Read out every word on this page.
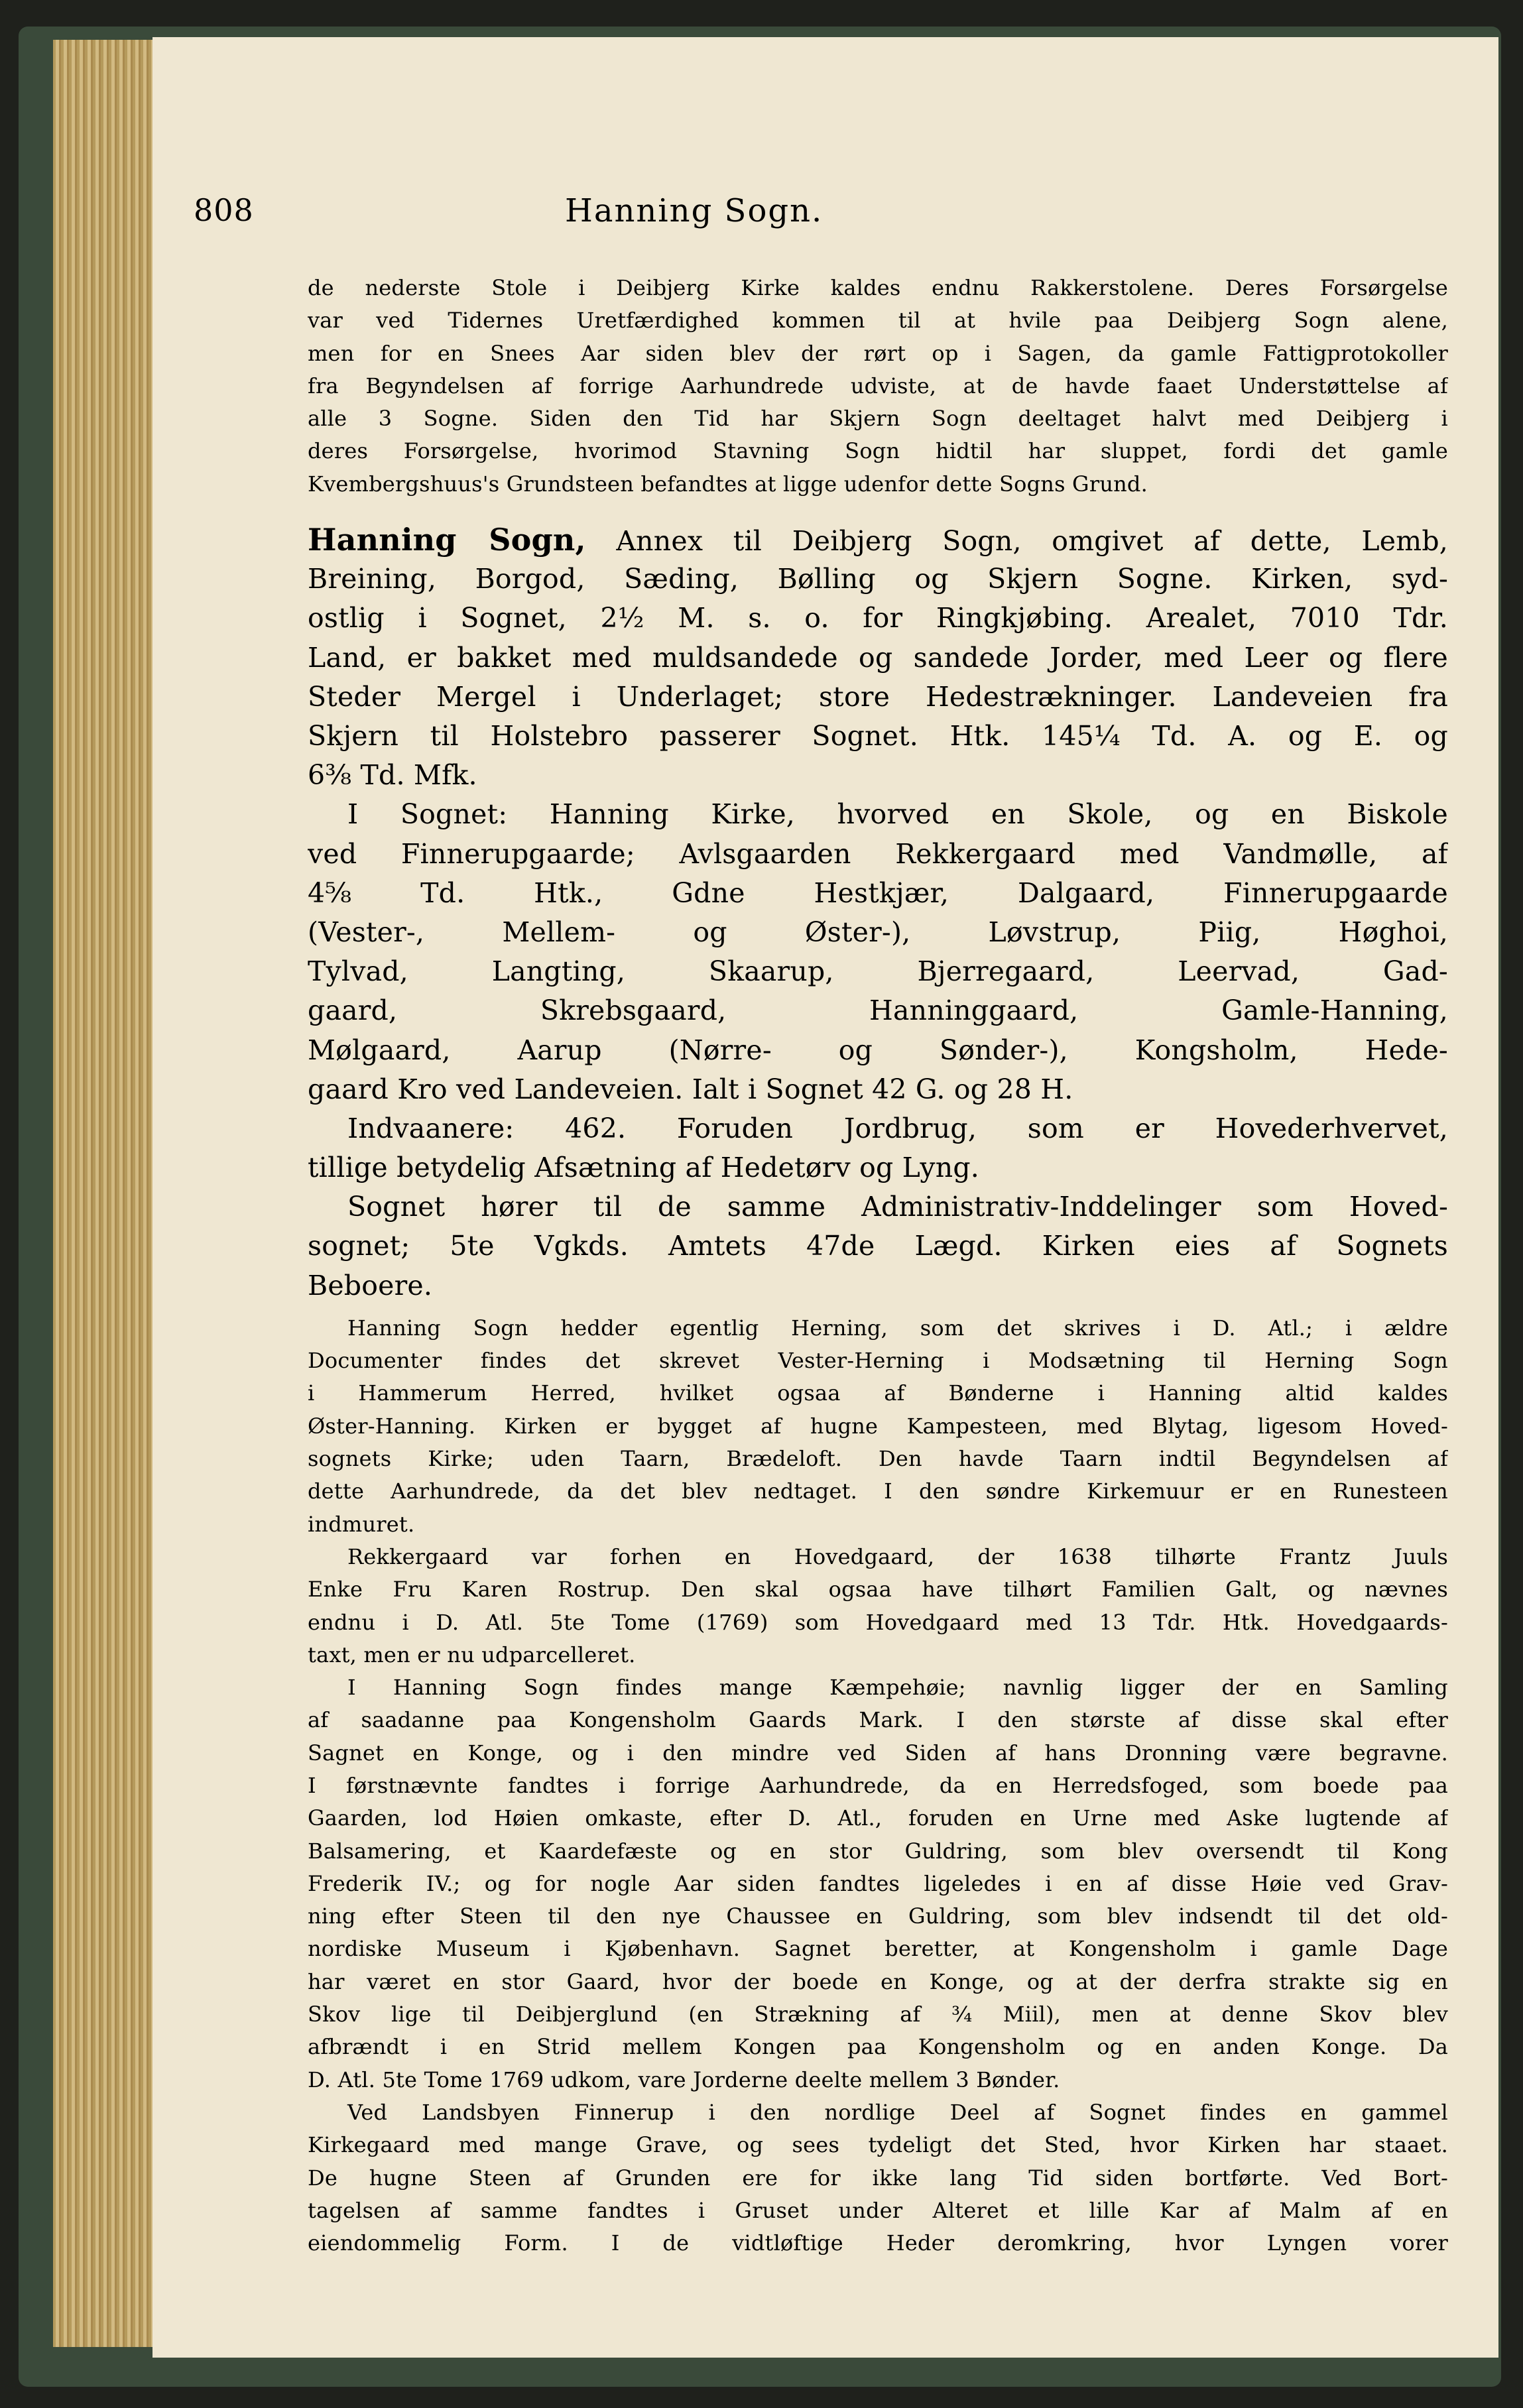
808	Hanning Sogn.
de nederste Stole i Deibjerg Kirke kaldes endnu Rakkerstolene. Deres Forsørgelse
var ved Tidernes Uretfærdighed kommen til at hvile paa Deibjerg Sogn alene,
men for en Snees Aar siden blev der rørt op i Sagen, da gamle Fattigprotokoller
fra Begyndelsen af forrige Aarhundrede udviste, at de havde faaet Understøttelse af
alle 3 Sogne. Siden den Tid har Skjern Sogn deeltaget halvt med Deibjerg i
deres Forsørgelse, hvorimod Stavning Sogn hidtil har sluppet, fordi det gamle
Kvembergshuus's Grundsteen befandtes at ligge udenfor dette Sogns Grund.
Hanning Sogn, Annex til Deibjerg Sogn, omgivet af dette, Lemb,
Breining, Borgod, Sæding, Bølling og Skjern Sogne. Kirken, syd-
ostlig i Sognet, 2½ M. s. o. for Ringkjøbing. Arealet, 7010 Tdr.
Land, er bakket med muldsandede og sandede Jorder, med Leer og flere
Steder Mergel i Underlaget; store Hedestrækninger. Landeveien fra
Skjern til Holstebro passerer Sognet. Htk. 145¼ Td. A. og E. og
6⅜ Td. Mfk.
I Sognet: Hanning Kirke, hvorved en Skole, og en Biskole
ved Finnerupgaarde; Avlsgaarden Rekkergaard med Vandmølle, af
4⅝ Td. Htk., Gdne Hestkjær, Dalgaard, Finnerupgaarde
(Vester-, Mellem- og Øster-), Løvstrup, Piig, Høghoi,
Tylvad, Langting, Skaarup, Bjerregaard, Leervad, Gad-
gaard, Skrebsgaard, Hanninggaard, Gamle-Hanning,
Mølgaard, Aarup (Nørre- og Sønder-), Kongsholm, Hede-
gaard Kro ved Landeveien. Ialt i Sognet 42 G. og 28 H.
Indvaanere: 462. Foruden Jordbrug, som er Hovederhvervet,
tillige betydelig Afsætning af Hedetørv og Lyng.
Sognet hører til de samme Administrativ-Inddelinger som Hoved-
sognet; 5te Vgkds. Amtets 47de Lægd. Kirken eies af Sognets
Beboere.
Hanning Sogn hedder egentlig Herning, som det skrives i D. Atl.; i ældre
Documenter findes det skrevet Vester-Herning i Modsætning til Herning Sogn
i Hammerum Herred, hvilket ogsaa af Bønderne i Hanning altid kaldes
Øster-Hanning. Kirken er bygget af hugne Kampesteen, med Blytag, ligesom Hoved-
sognets Kirke; uden Taarn, Brædeloft. Den havde Taarn indtil Begyndelsen af
dette Aarhundrede, da det blev nedtaget. I den søndre Kirkemuur er en Runesteen
indmuret.
Rekkergaard var forhen en Hovedgaard, der 1638 tilhørte Frantz Juuls
Enke Fru Karen Rostrup. Den skal ogsaa have tilhørt Familien Galt, og nævnes
endnu i D. Atl. 5te Tome (1769) som Hovedgaard med 13 Tdr. Htk. Hovedgaards-
taxt, men er nu udparcelleret.
I Hanning Sogn findes mange Kæmpehøie; navnlig ligger der en Samling
af saadanne paa Kongensholm Gaards Mark. I den største af disse skal efter
Sagnet en Konge, og i den mindre ved Siden af hans Dronning være begravne.
I førstnævnte fandtes i forrige Aarhundrede, da en Herredsfoged, som boede paa
Gaarden, lod Høien omkaste, efter D. Atl., foruden en Urne med Aske lugtende af
Balsamering, et Kaardefæste og en stor Guldring, som blev oversendt til Kong
Frederik IV.; og for nogle Aar siden fandtes ligeledes i en af disse Høie ved Grav-
ning efter Steen til den nye Chaussee en Guldring, som blev indsendt til det old-
nordiske Museum i Kjøbenhavn. Sagnet beretter, at Kongensholm i gamle Dage
har været en stor Gaard, hvor der boede en Konge, og at der derfra strakte sig en
Skov lige til Deibjerglund (en Strækning af ¾ Miil), men at denne Skov blev
afbrændt i en Strid mellem Kongen paa Kongensholm og en anden Konge. Da
D. Atl. 5te Tome 1769 udkom, vare Jorderne deelte mellem 3 Bønder.
Ved Landsbyen Finnerup i den nordlige Deel af Sognet findes en gammel
Kirkegaard med mange Grave, og sees tydeligt det Sted, hvor Kirken har staaet.
De hugne Steen af Grunden ere for ikke lang Tid siden bortførte. Ved Bort-
tagelsen af samme fandtes i Gruset under Alteret et lille Kar af Malm af en
eiendommelig Form. I de vidtløftige Heder deromkring, hvor Lyngen vorer
